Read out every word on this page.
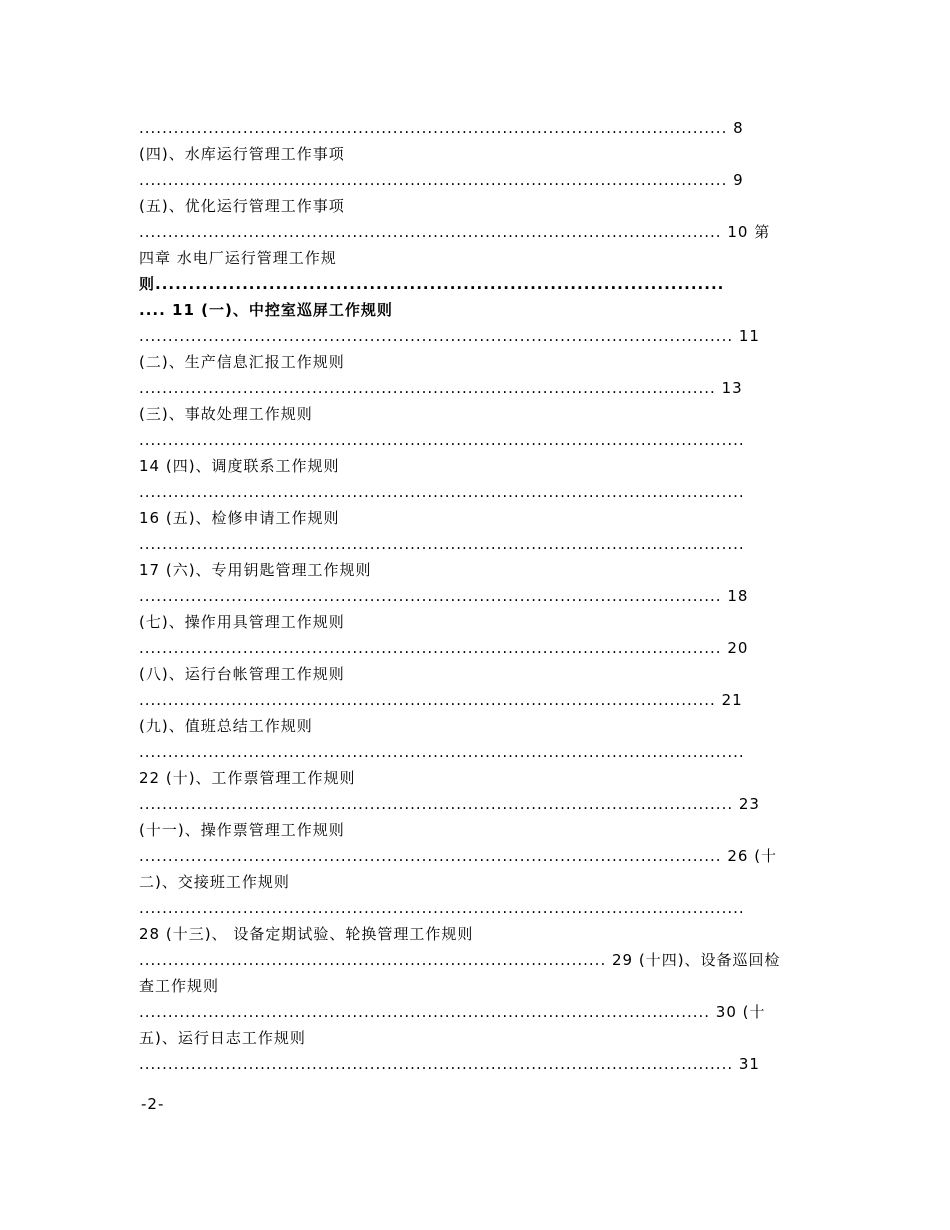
...................................................................................................... 8
(四)、水库运行管理工作事项
...................................................................................................... 9
(五)、优化运行管理工作事项
..................................................................................................... 10 第
四章 水电厂运行管理工作规
则.....................................................................................
.... 11 (一)、中控室巡屏工作规则
....................................................................................................... 11
(二)、生产信息汇报工作规则
.................................................................................................... 13
(三)、事故处理工作规则
.........................................................................................................
14 (四)、调度联系工作规则
.........................................................................................................
16 (五)、检修申请工作规则
.........................................................................................................
17 (六)、专用钥匙管理工作规则
..................................................................................................... 18
(七)、操作用具管理工作规则
..................................................................................................... 20
(八)、运行台帐管理工作规则
.................................................................................................... 21
(九)、值班总结工作规则
.........................................................................................................
22 (十)、工作票管理工作规则
....................................................................................................... 23
(十一)、操作票管理工作规则
..................................................................................................... 26 (十
二)、交接班工作规则
.........................................................................................................
28 (十三)、 设备定期试验、轮换管理工作规则
................................................................................. 29 (十四)、设备巡回检
查工作规则
................................................................................................... 30 (十
五)、运行日志工作规则
....................................................................................................... 31
-2-
